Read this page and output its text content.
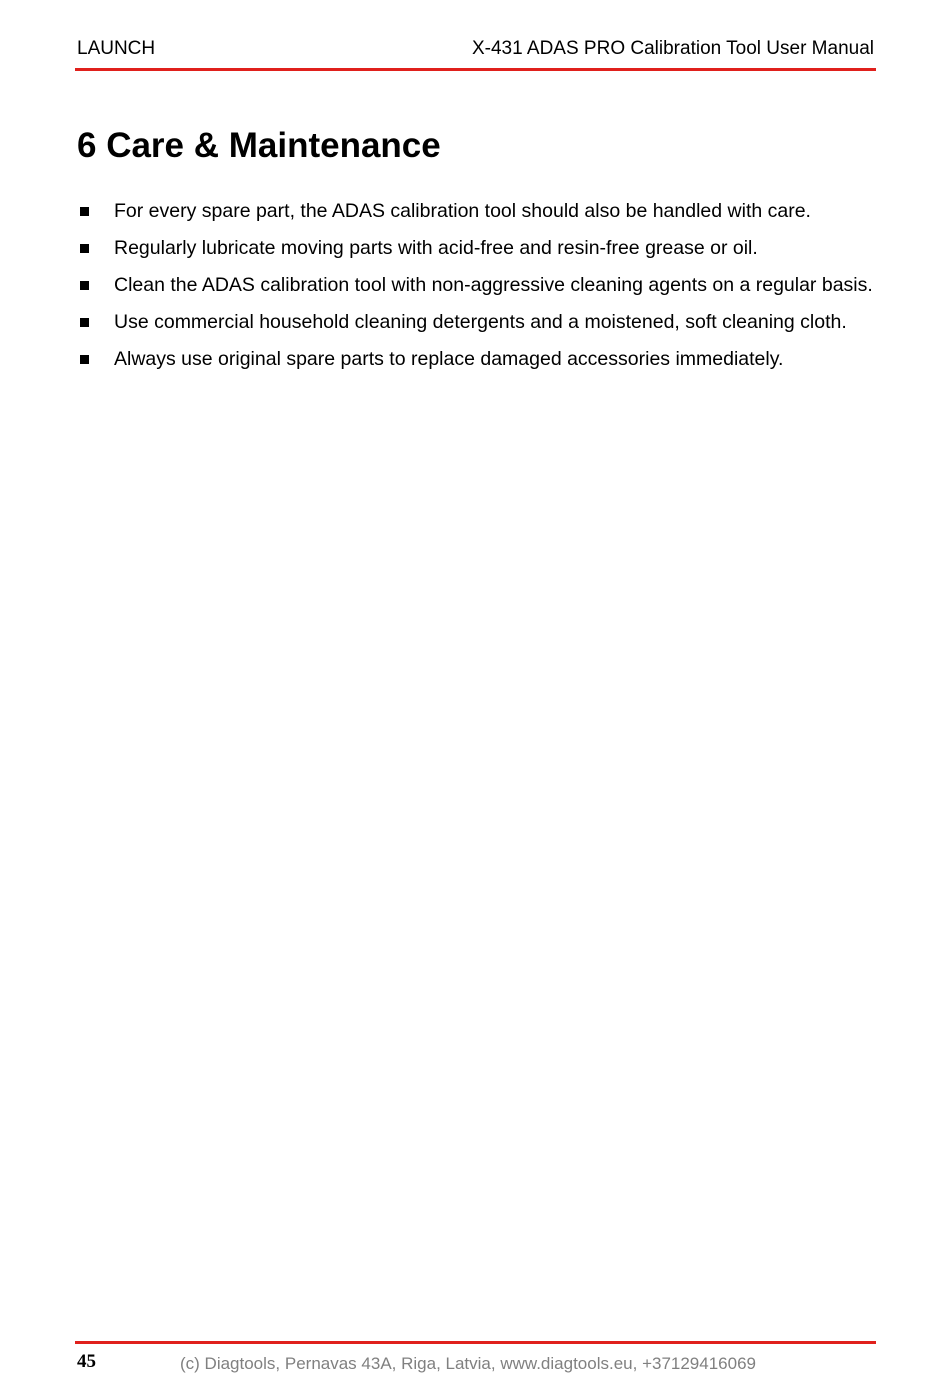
LAUNCH	X-431 ADAS PRO Calibration Tool User Manual
6 Care & Maintenance
For every spare part, the ADAS calibration tool should also be handled with care.
Regularly lubricate moving parts with acid-free and resin-free grease or oil.
Clean the ADAS calibration tool with non-aggressive cleaning agents on a regular basis.
Use commercial household cleaning detergents and a moistened, soft cleaning cloth.
Always use original spare parts to replace damaged accessories immediately.
45	(c) Diagtools, Pernavas 43A, Riga, Latvia, www.diagtools.eu, +37129416069
